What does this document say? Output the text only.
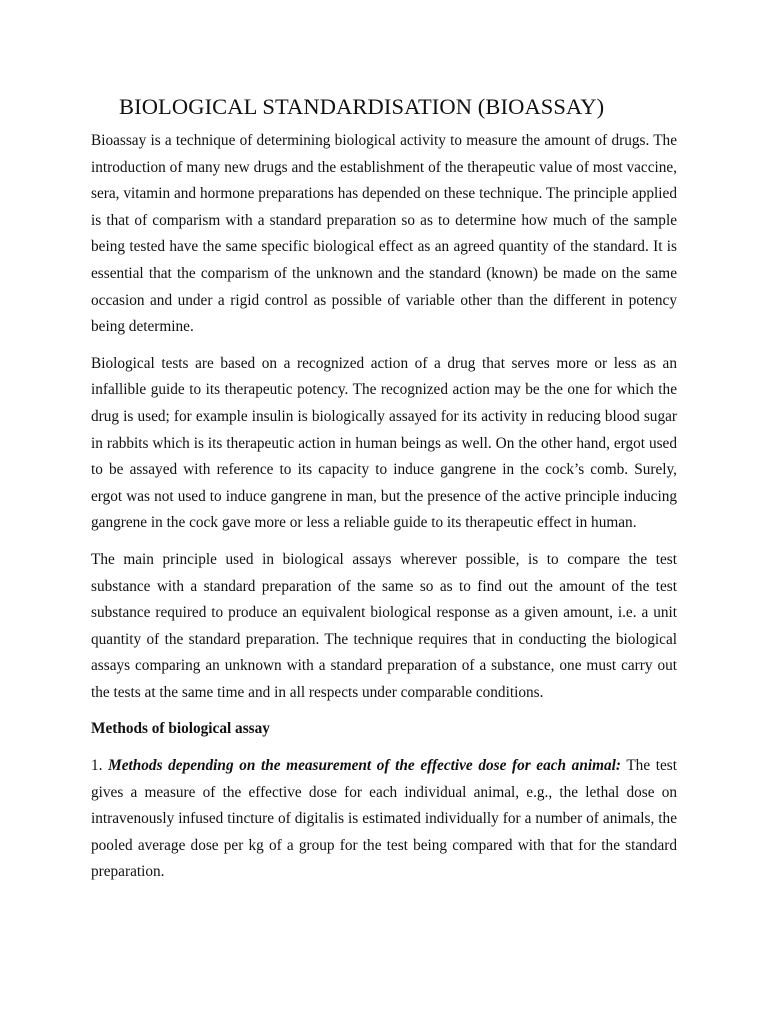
BIOLOGICAL STANDARDISATION (BIOASSAY)

Bioassay is a technique of determining biological activity to measure the amount of drugs. The introduction of many new drugs and the establishment of the therapeutic value of most vaccine, sera, vitamin and hormone preparations has depended on these technique. The principle applied is that of comparism with a standard preparation so as to determine how much of the sample being tested have the same specific biological effect as an agreed quantity of the standard. It is essential that the comparism of the unknown and the standard (known) be made on the same occasion and under a rigid control as possible of variable other than the different in potency being determine.

Biological tests are based on a recognized action of a drug that serves more or less as an infallible guide to its therapeutic potency. The recognized action may be the one for which the drug is used; for example insulin is biologically assayed for its activity in reducing blood sugar in rabbits which is its therapeutic action in human beings as well. On the other hand, ergot used to be assayed with reference to its capacity to induce gangrene in the cock’s comb. Surely, ergot was not used to induce gangrene in man, but the presence of the active principle inducing gangrene in the cock gave more or less a reliable guide to its therapeutic effect in human.

The main principle used in biological assays wherever possible, is to compare the test substance with a standard preparation of the same so as to find out the amount of the test substance required to produce an equivalent biological response as a given amount, i.e. a unit quantity of the standard preparation. The technique requires that in conducting the biological assays comparing an unknown with a standard preparation of a substance, one must carry out the tests at the same time and in all respects under comparable conditions.

Methods of biological assay

1. Methods depending on the measurement of the effective dose for each animal: The test gives a measure of the effective dose for each individual animal, e.g., the lethal dose on intravenously infused tincture of digitalis is estimated individually for a number of animals, the pooled average dose per kg of a group for the test being compared with that for the standard preparation.
